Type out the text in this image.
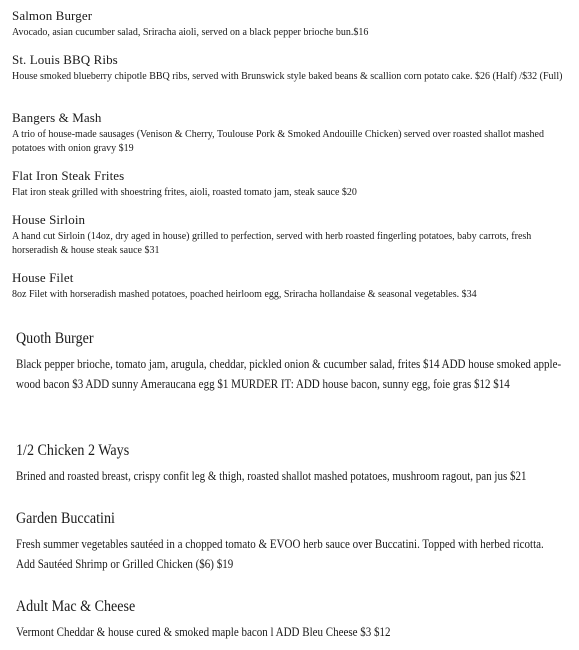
Salmon Burger
Avocado, asian cucumber salad, Sriracha aioli, served on a black pepper brioche bun.$16
St. Louis BBQ Ribs
House smoked blueberry chipotle BBQ ribs, served with Brunswick style baked beans & scallion corn potato cake. $26 (Half) /$32 (Full)
Bangers & Mash
A trio of house-made sausages (Venison & Cherry, Toulouse Pork & Smoked Andouille Chicken) served over roasted shallot mashed potatoes with onion gravy $19
Flat Iron Steak Frites
Flat iron steak grilled with shoestring frites, aioli, roasted tomato jam, steak sauce $20
House Sirloin
A hand cut Sirloin (14oz, dry aged in house) grilled to perfection, served with herb roasted fingerling potatoes, baby carrots, fresh horseradish & house steak sauce $31
House Filet
8oz Filet with horseradish mashed potatoes, poached heirloom egg, Sriracha hollandaise & seasonal vegetables. $34
Quoth Burger
Black pepper brioche, tomato jam, arugula, cheddar, pickled onion & cucumber salad, frites $14 ADD house smoked apple-wood bacon $3 ADD sunny Ameraucana egg $1 MURDER IT: ADD house bacon, sunny egg, foie gras $12 $14
1/2 Chicken 2 Ways
Brined and roasted breast, crispy confit leg & thigh, roasted shallot mashed potatoes, mushroom ragout, pan jus $21
Garden Buccatini
Fresh summer vegetables sautéed in a chopped tomato & EVOO herb sauce over Buccatini. Topped with herbed ricotta. Add Sautéed Shrimp or Grilled Chicken ($6) $19
Adult Mac & Cheese
Vermont Cheddar & house cured & smoked maple bacon l ADD Bleu Cheese $3 $12
